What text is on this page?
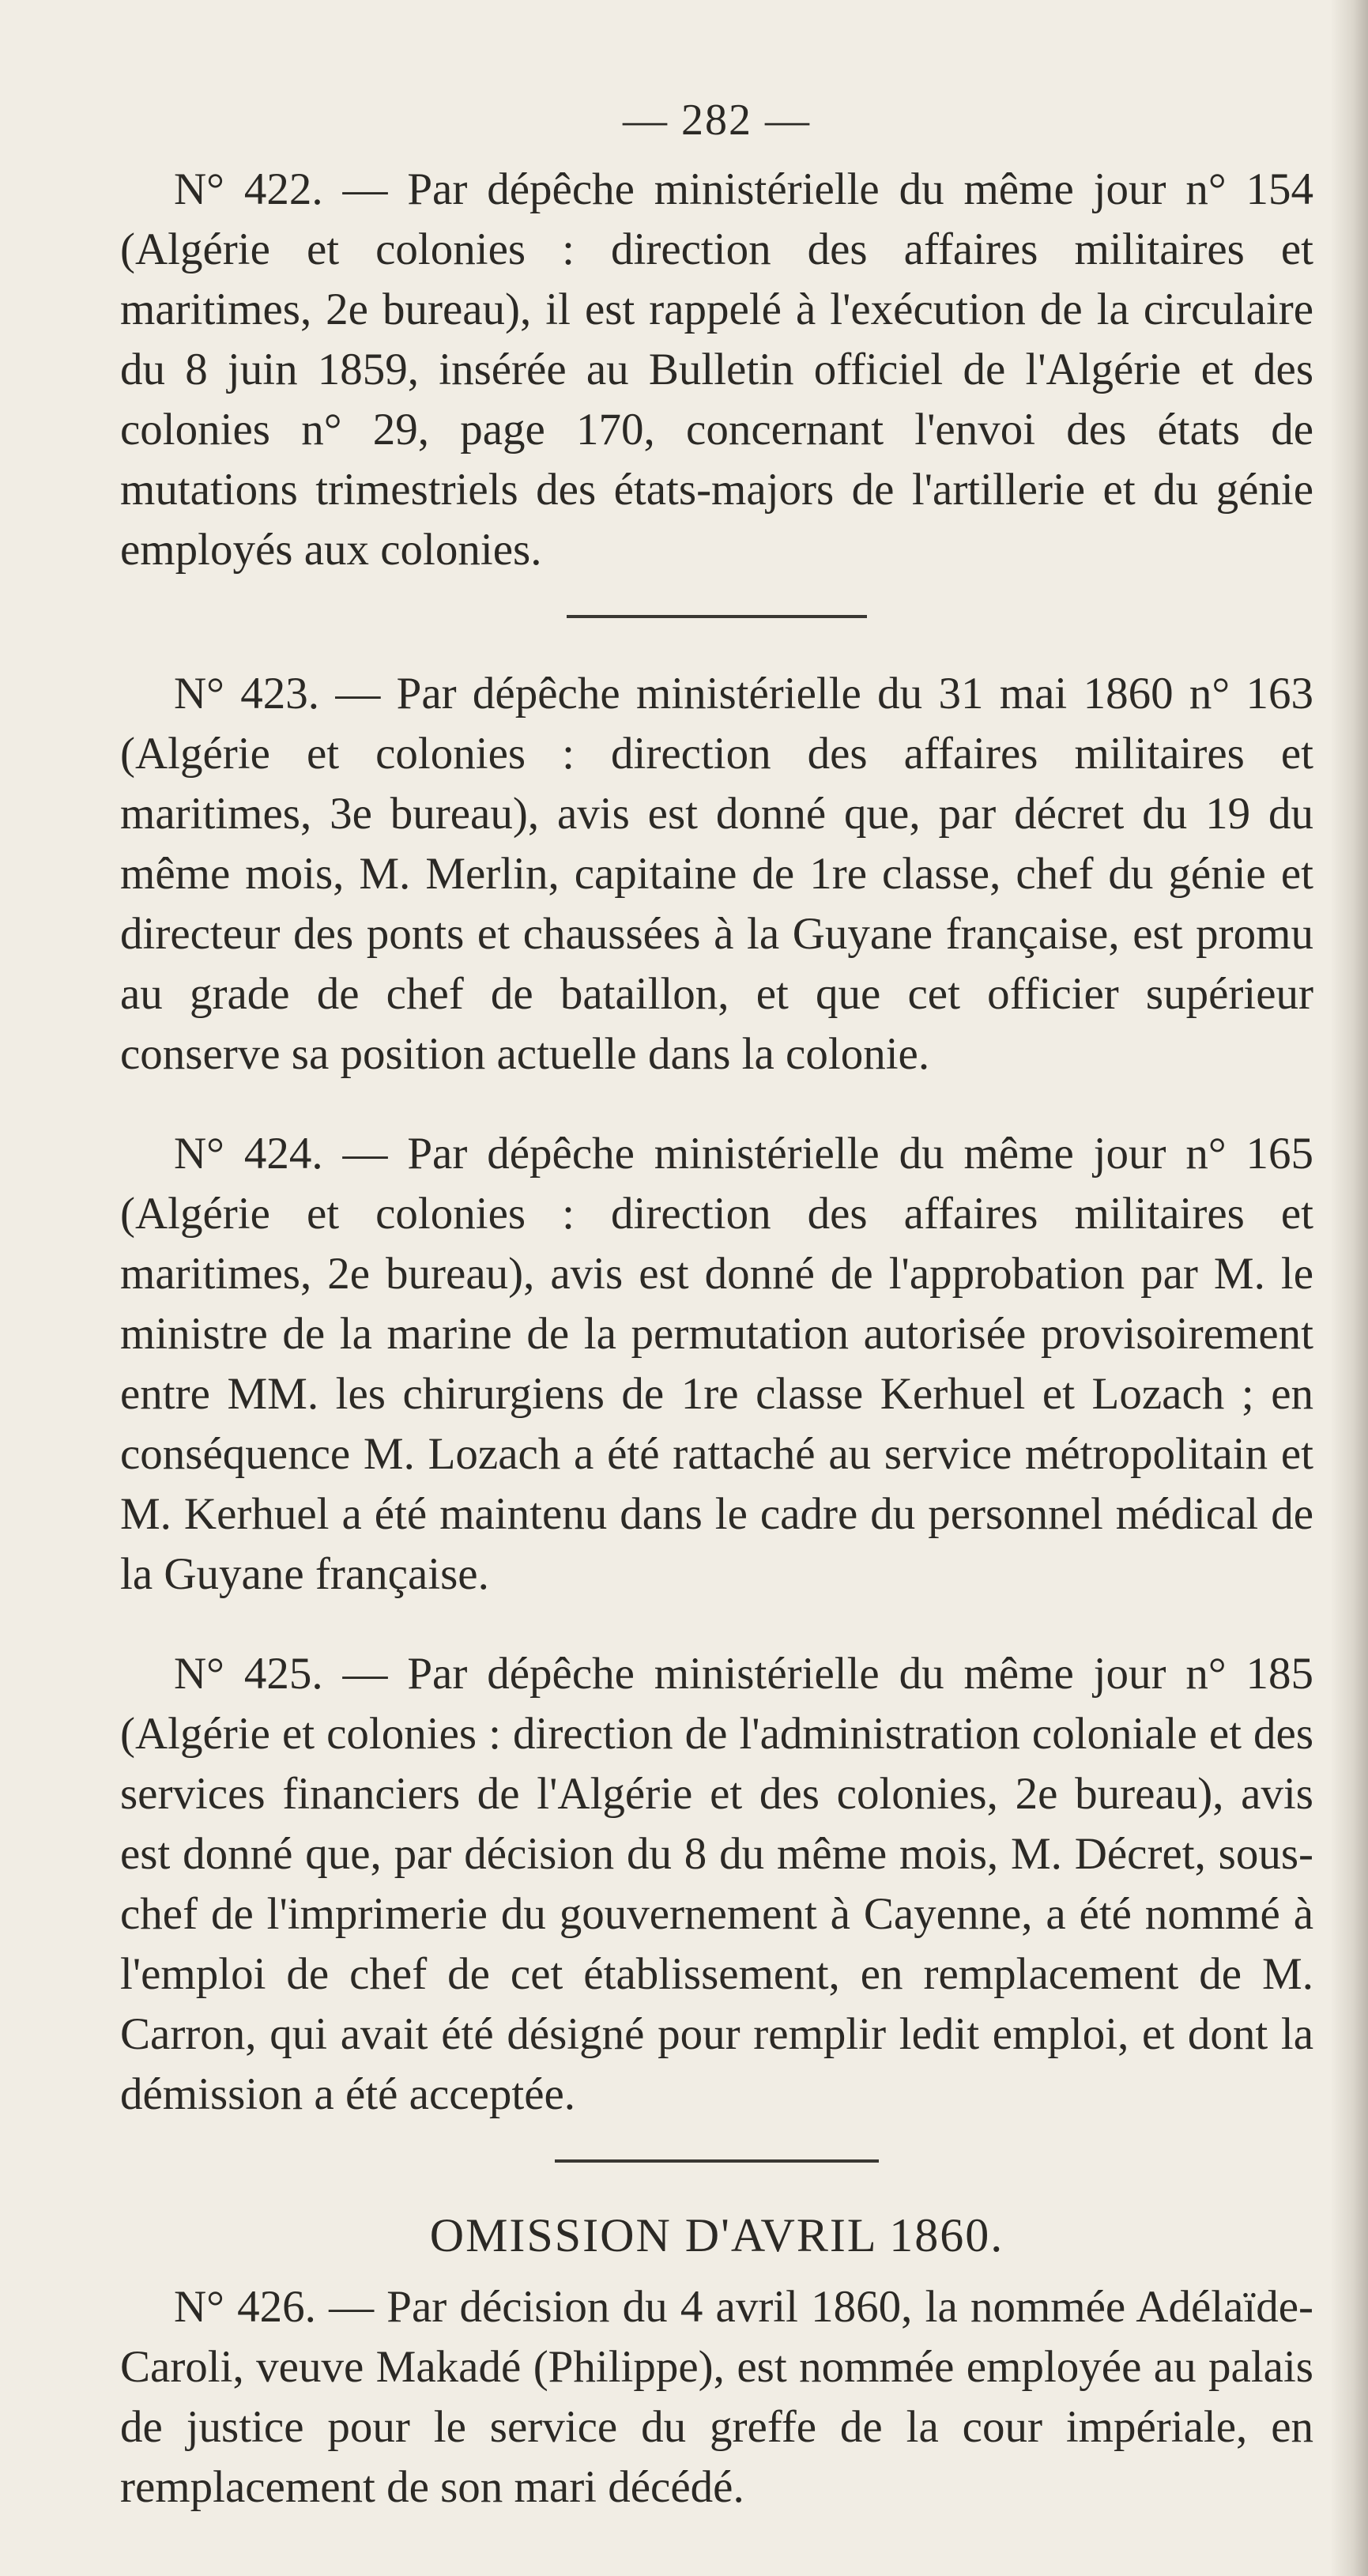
— 282 —

N° 422. — Par dépêche ministérielle du même jour n° 154 (Algérie et colonies : direction des affaires militaires et maritimes, 2e bureau), il est rappelé à l'exécution de la circulaire du 8 juin 1859, insérée au Bulletin officiel de l'Algérie et des colonies n° 29, page 170, concernant l'envoi des états de mutations trimestriels des états-majors de l'artillerie et du génie employés aux colonies.

N° 423. — Par dépêche ministérielle du 31 mai 1860 n° 163 (Algérie et colonies : direction des affaires militaires et maritimes, 3e bureau), avis est donné que, par décret du 19 du même mois, M. Merlin, capitaine de 1re classe, chef du génie et directeur des ponts et chaussées à la Guyane française, est promu au grade de chef de bataillon, et que cet officier supérieur conserve sa position actuelle dans la colonie.

N° 424. — Par dépêche ministérielle du même jour n° 165 (Algérie et colonies : direction des affaires militaires et maritimes, 2e bureau), avis est donné de l'approbation par M. le ministre de la marine de la permutation autorisée provisoirement entre MM. les chirurgiens de 1re classe Kerhuel et Lozach ; en conséquence M. Lozach a été rattaché au service métropolitain et M. Kerhuel a été maintenu dans le cadre du personnel médical de la Guyane française.

N° 425. — Par dépêche ministérielle du même jour n° 185 (Algérie et colonies : direction de l'administration coloniale et des services financiers de l'Algérie et des colonies, 2e bureau), avis est donné que, par décision du 8 du même mois, M. Décret, sous-chef de l'imprimerie du gouvernement à Cayenne, a été nommé à l'emploi de chef de cet établissement, en remplacement de M. Carron, qui avait été désigné pour remplir ledit emploi, et dont la démission a été acceptée.

OMISSION D'AVRIL 1860.

N° 426. — Par décision du 4 avril 1860, la nommée Adélaïde-Caroli, veuve Makadé (Philippe), est nommée employée au palais de justice pour le service du greffe de la cour impériale, en remplacement de son mari décédé.
